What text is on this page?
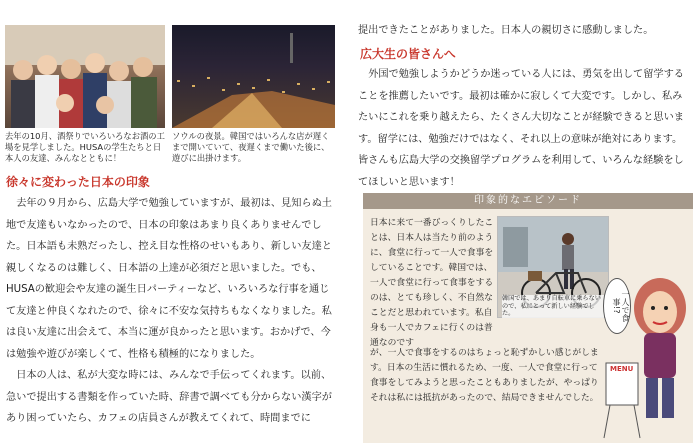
去年の10月、酒祭りでいろいろなお酒の工場を見学しました。HUSAの学生たちと日本人の友達、みんなとともに！
ソウルの夜景。韓国ではいろんな店が遅くまで開いていて、夜遅くまで働いた後に、遊びに出掛けます。
徐々に変わった日本の印象

去年の９月から、広島大学で勉強していますが、最初は、見知らぬ土地で友達もいなかったので、日本の印象はあまり良くありませんでした。日本語も未熟だったし、控え目な性格のせいもあり、新しい友達と親しくなるのは難しく、日本語の上達が必須だと思いました。でも、HUSAの歓迎会や友達の誕生日パーティーなど、いろいろな行事を通じて友達と仲良くなれたので、徐々に不安な気持ちもなくなりました。私は良い友達に出会えて、本当に運が良かったと思います。おかげで、今は勉強や遊びが楽しくて、性格も積極的になりました。

日本の人は、私が大変な時には、みんなで手伝ってくれます。以前、急いで提出する書類を作っていた時、辞書で調べても分からない漢字があり困っていたら、カフェの店員さんが教えてくれて、時間までに

提出できたことがありました。日本人の親切さに感動しました。

広大生の皆さんへ

外国で勉強しようかどうか迷っている人には、勇気を出して留学することを推薦したいです。最初は確かに寂しくて大変です。しかし、私みたいにこれを乗り越えたら、たくさん大切なことが経験できると思います。留学には、勉強だけではなく、それ以上の意味が絶対にあります。皆さんも広島大学の交換留学プログラムを利用して、いろんな経験をしてほしいと思います！

印象的なエピソード
韓国では、あまり自転車に乗らないので、私にとって新しい経験でした。
日本に来て一番びっくりしたことは、日本人は当たり前のように、食堂に行って一人で食事をしていることです。韓国では、一人で食堂に行って食事をするのは、とても珍しく、不自然なことだと思われています。私自身も一人でカフェに行くのは普通なのです
が、一人で食事をするのはちょっと恥ずかしい感じがします。日本の生活に慣れるため、一度、一人で食堂に行って食事をしてみようと思ったこともありましたが、やっぱりそれは私には抵抗があったので、結局できませんでした。
MENU
一人で食事!?
